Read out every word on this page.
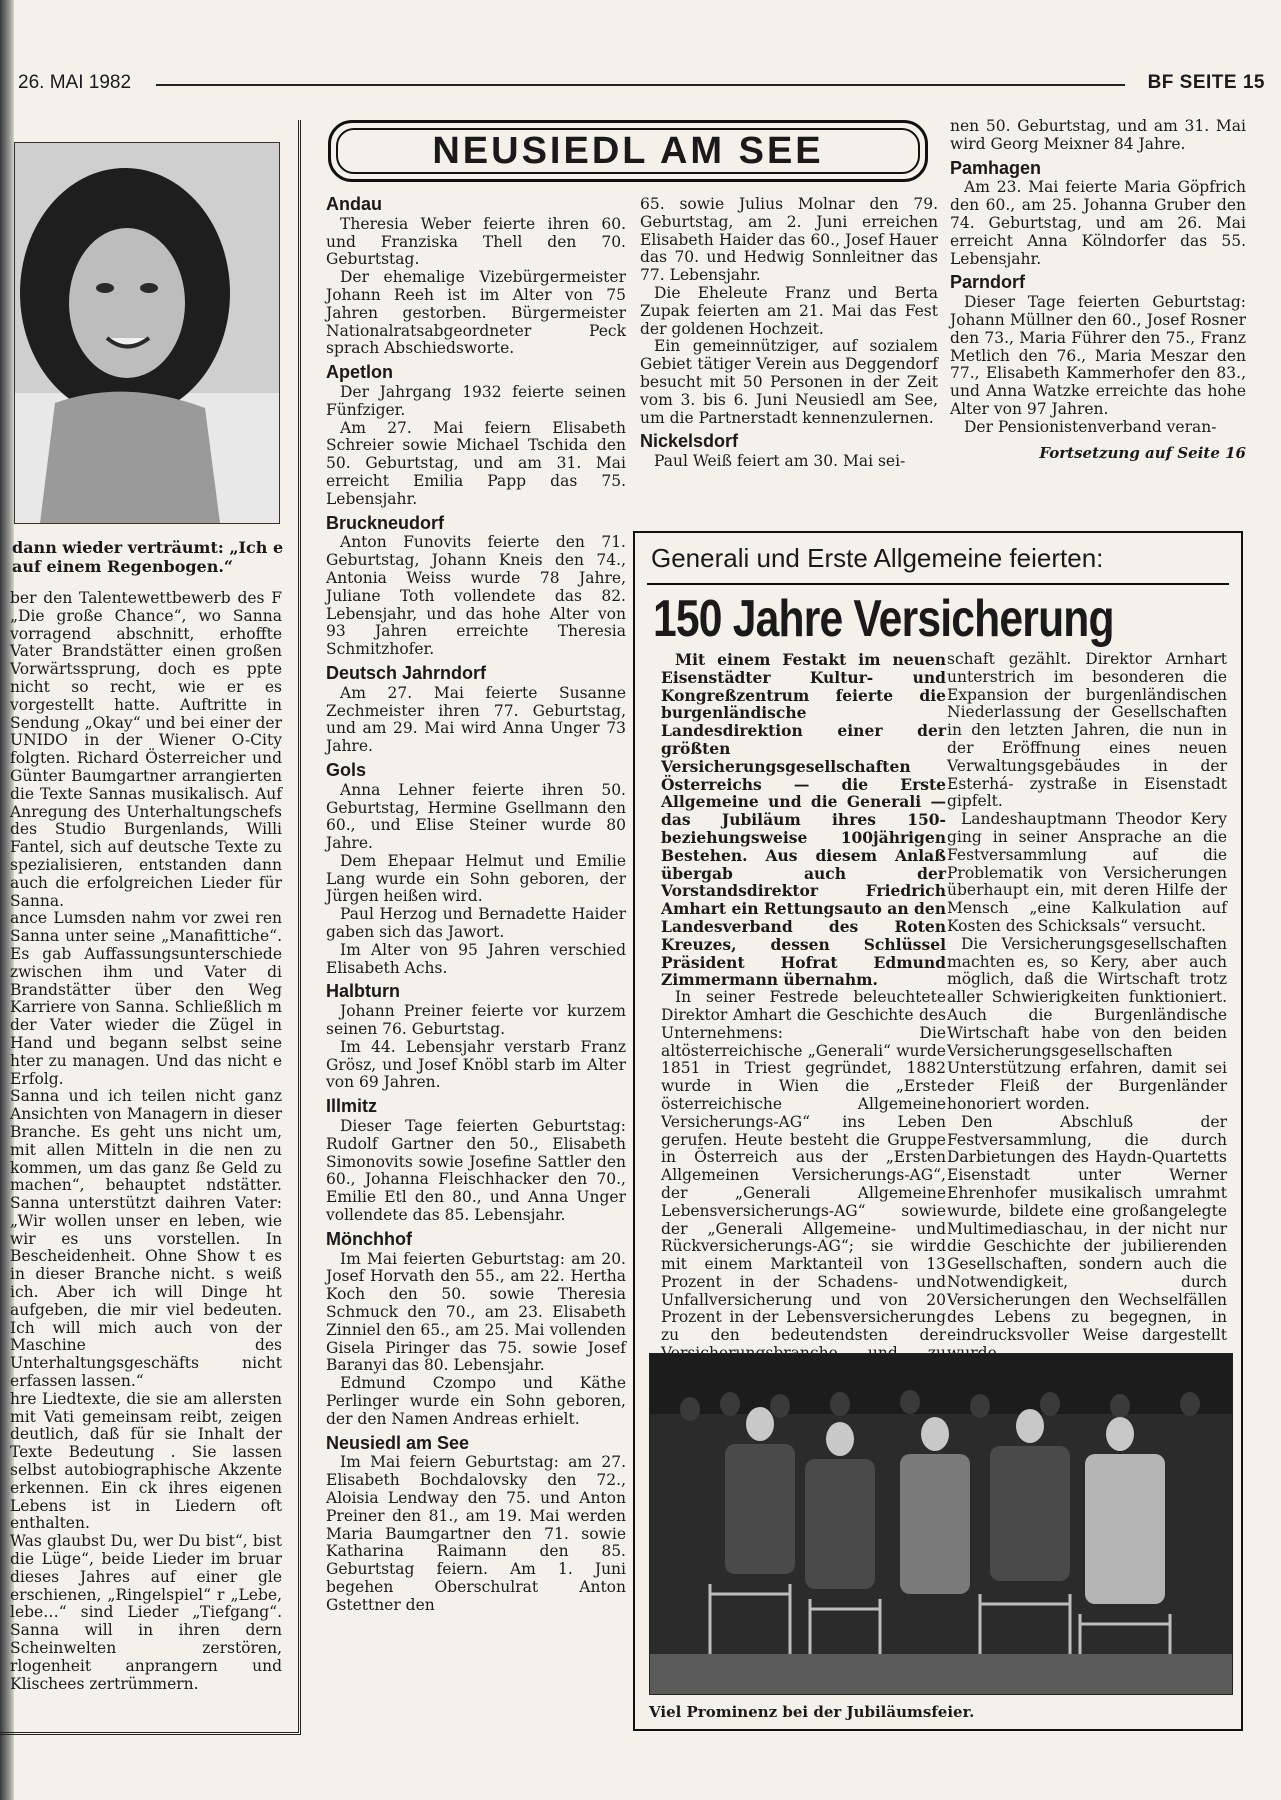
26. MAI 1982	BF SEITE 15
dann wieder verträumt: „Ich e auf einem Regenbogen.“

ber den Talentewettbewerb des F „Die große Chance“, wo Sanna vorragend abschnitt, erhoffte Vater Brandstätter einen großen Vorwärtssprung, doch es ppte nicht so recht, wie er es vorgestellt hatte. Auftritte in Sendung „Okay“ und bei einer der UNIDO in der Wiener O-City folgten. Richard Österreicher und Günter Baumgartner arrangierten die Texte Sannas musikalisch. Auf Anregung des Unterhaltungschefs des Studio Burgenlands, Willi Fantel, sich auf deutsche Texte zu spezialisieren, entstanden dann auch die erfolgreichen Lieder für Sanna.

ance Lumsden nahm vor zwei ren Sanna unter seine „Manafittiche“. Es gab Auffassungsunterschiede zwischen ihm und Vater di Brandstätter über den Weg Karriere von Sanna. Schließlich m der Vater wieder die Zügel in Hand und begann selbst seine hter zu managen. Und das nicht e Erfolg.

Sanna und ich teilen nicht ganz Ansichten von Managern in dieser Branche. Es geht uns nicht um, mit allen Mitteln in die nen zu kommen, um das ganz ße Geld zu machen“, behauptet ndstätter. Sanna unterstützt daihren Vater: „Wir wollen unser en leben, wie wir es uns vorstellen. In Bescheidenheit. Ohne Show t es in dieser Branche nicht. s weiß ich. Aber ich will Dinge ht aufgeben, die mir viel bedeuten. Ich will mich auch von der Maschine des Unterhaltungsgeschäfts nicht erfassen lassen.“

hre Liedtexte, die sie am allersten mit Vati gemeinsam reibt, zeigen deutlich, daß für sie Inhalt der Texte Bedeutung . Sie lassen selbst autobiographische Akzente erkennen. Ein ck ihres eigenen Lebens ist in Liedern oft enthalten.

Was glaubst Du, wer Du bist“, bist die Lüge“, beide Lieder im bruar dieses Jahres auf einer gle erschienen, „Ringelspiel“ r „Lebe, lebe…“ sind Lieder „Tiefgang“. Sanna will in ihren dern Scheinwelten zerstören, rlogenheit anprangern und Klischees zertrümmern.

NEUSIEDL AM SEE
Andau

Theresia Weber feierte ihren 60. und Franziska Thell den 70. Geburtstag.

Der ehemalige Vizebürgermeister Johann Reeh ist im Alter von 75 Jahren gestorben. Bürgermeister Nationalratsabgeordneter Peck sprach Abschiedsworte.

Apetlon

Der Jahrgang 1932 feierte seinen Fünfziger.

Am 27. Mai feiern Elisabeth Schreier sowie Michael Tschida den 50. Geburtstag, und am 31. Mai erreicht Emilia Papp das 75. Lebensjahr.

Bruckneudorf

Anton Funovits feierte den 71. Geburtstag, Johann Kneis den 74., Antonia Weiss wurde 78 Jahre, Juliane Toth vollendete das 82. Lebensjahr, und das hohe Alter von 93 Jahren erreichte Theresia Schmitzhofer.

Deutsch Jahrndorf

Am 27. Mai feierte Susanne Zechmeister ihren 77. Geburtstag, und am 29. Mai wird Anna Unger 73 Jahre.

Gols

Anna Lehner feierte ihren 50. Geburtstag, Hermine Gsellmann den 60., und Elise Steiner wurde 80 Jahre.

Dem Ehepaar Helmut und Emilie Lang wurde ein Sohn geboren, der Jürgen heißen wird.

Paul Herzog und Bernadette Haider gaben sich das Jawort.

Im Alter von 95 Jahren verschied Elisabeth Achs.

Halbturn

Johann Preiner feierte vor kurzem seinen 76. Geburtstag.

Im 44. Lebensjahr verstarb Franz Grösz, und Josef Knöbl starb im Alter von 69 Jahren.

Illmitz

Dieser Tage feierten Geburtstag: Rudolf Gartner den 50., Elisabeth Simonovits sowie Josefine Sattler den 60., Johanna Fleischhacker den 70., Emilie Etl den 80., und Anna Unger vollendete das 85. Lebensjahr.

Mönchhof

Im Mai feierten Geburtstag: am 20. Josef Horvath den 55., am 22. Hertha Koch den 50. sowie Theresia Schmuck den 70., am 23. Elisabeth Zinniel den 65., am 25. Mai vollenden Gisela Piringer das 75. sowie Josef Baranyi das 80. Lebensjahr.

Edmund Czompo und Käthe Perlinger wurde ein Sohn geboren, der den Namen Andreas erhielt.

Neusiedl am See

Im Mai feiern Geburtstag: am 27. Elisabeth Bochdalovsky den 72., Aloisia Lendway den 75. und Anton Preiner den 81., am 19. Mai werden Maria Baumgartner den 71. sowie Katharina Raimann den 85. Geburtstag feiern. Am 1. Juni begehen Oberschulrat Anton Gstettner den

65. sowie Julius Molnar den 79. Geburtstag, am 2. Juni erreichen Elisabeth Haider das 60., Josef Hauer das 70. und Hedwig Sonnleitner das 77. Lebensjahr.

Die Eheleute Franz und Berta Zupak feierten am 21. Mai das Fest der goldenen Hochzeit.

Ein gemeinnütziger, auf sozialem Gebiet tätiger Verein aus Deggendorf besucht mit 50 Personen in der Zeit vom 3. bis 6. Juni Neusiedl am See, um die Partnerstadt kennenzulernen.

Nickelsdorf

Paul Weiß feiert am 30. Mai sei-

nen 50. Geburtstag, und am 31. Mai wird Georg Meixner 84 Jahre.

Pamhagen

Am 23. Mai feierte Maria Göpfrich den 60., am 25. Johanna Gruber den 74. Geburtstag, und am 26. Mai erreicht Anna Kölndorfer das 55. Lebensjahr.

Parndorf

Dieser Tage feierten Geburtstag: Johann Müllner den 60., Josef Rosner den 73., Maria Führer den 75., Franz Metlich den 76., Maria Meszar den 77., Elisabeth Kammerhofer den 83., und Anna Watzke erreichte das hohe Alter von 97 Jahren.

Der Pensionistenverband veran-

Fortsetzung auf Seite 16
Generali und Erste Allgemeine feierten:
150 Jahre Versicherung

Mit einem Festakt im neuen Eisenstädter Kultur- und Kongreßzentrum feierte die burgenländische Landesdirektion einer der größten Versicherungsgesellschaften Österreichs — die Erste Allgemeine und die Generali — das Jubiläum ihres 150- beziehungsweise 100jährigen Bestehen. Aus diesem Anlaß übergab auch der Vorstandsdirektor Friedrich Amhart ein Rettungsauto an den Landesverband des Roten Kreuzes, dessen Schlüssel Präsident Hofrat Edmund Zimmermann übernahm.

In seiner Festrede beleuchtete Direktor Amhart die Geschichte des Unternehmens: Die altösterreichische „Generali“ wurde 1851 in Triest gegründet, 1882 wurde in Wien die „Erste österreichische Allgemeine Versicherungs-AG“ ins Leben gerufen. Heute besteht die Gruppe in Österreich aus der „Ersten Allgemeinen Versicherungs-AG“, der „Generali Allgemeine Lebensversicherungs-AG“ sowie der „Generali Allgemeine- und Rückversicherungs-AG“; sie wird mit einem Marktanteil von 13 Prozent in der Schadens- und Unfallversicherung und von 20 Prozent in der Lebensversicherung zu den bedeutendsten der

schaft gezählt. Direktor Arnhart unterstrich im besonderen die Expansion der burgenländischen Niederlassung der Gesellschaften in den letzten Jahren, die nun in der Eröffnung eines neuen Verwaltungsgebäudes in der Esterhá- zystraße in Eisenstadt gipfelt.

Landeshauptmann Theodor Kery ging in seiner Ansprache an die Festversammlung auf die Problematik von Versicherungen überhaupt ein, mit deren Hilfe der Mensch „eine Kalkulation auf Kosten des Schicksals“ versucht.

Die Versicherungsgesellschaften machten es, so Kery, aber auch möglich, daß die Wirtschaft trotz aller Schwierigkeiten funktioniert. Auch die Burgenländische Wirtschaft habe von den beiden Versicherungsgesellschaften Unterstützung erfahren, damit sei der Fleiß der Burgenländer honoriert worden.

Den Abschluß der Festversammlung, die durch Darbietungen des Haydn-Quartetts Eisenstadt unter Werner Ehrenhofer musikalisch umrahmt wurde, bildete eine großangelegte Multimediaschau, in der nicht nur die Geschichte der jubilierenden Gesellschaften, sondern auch die Notwendigkeit, durch Versicherungen den Wechselfällen des Lebens zu begegnen, in eindrucksvoller Weise dargestellt

Viel Prominenz bei der Jubiläumsfeier.
